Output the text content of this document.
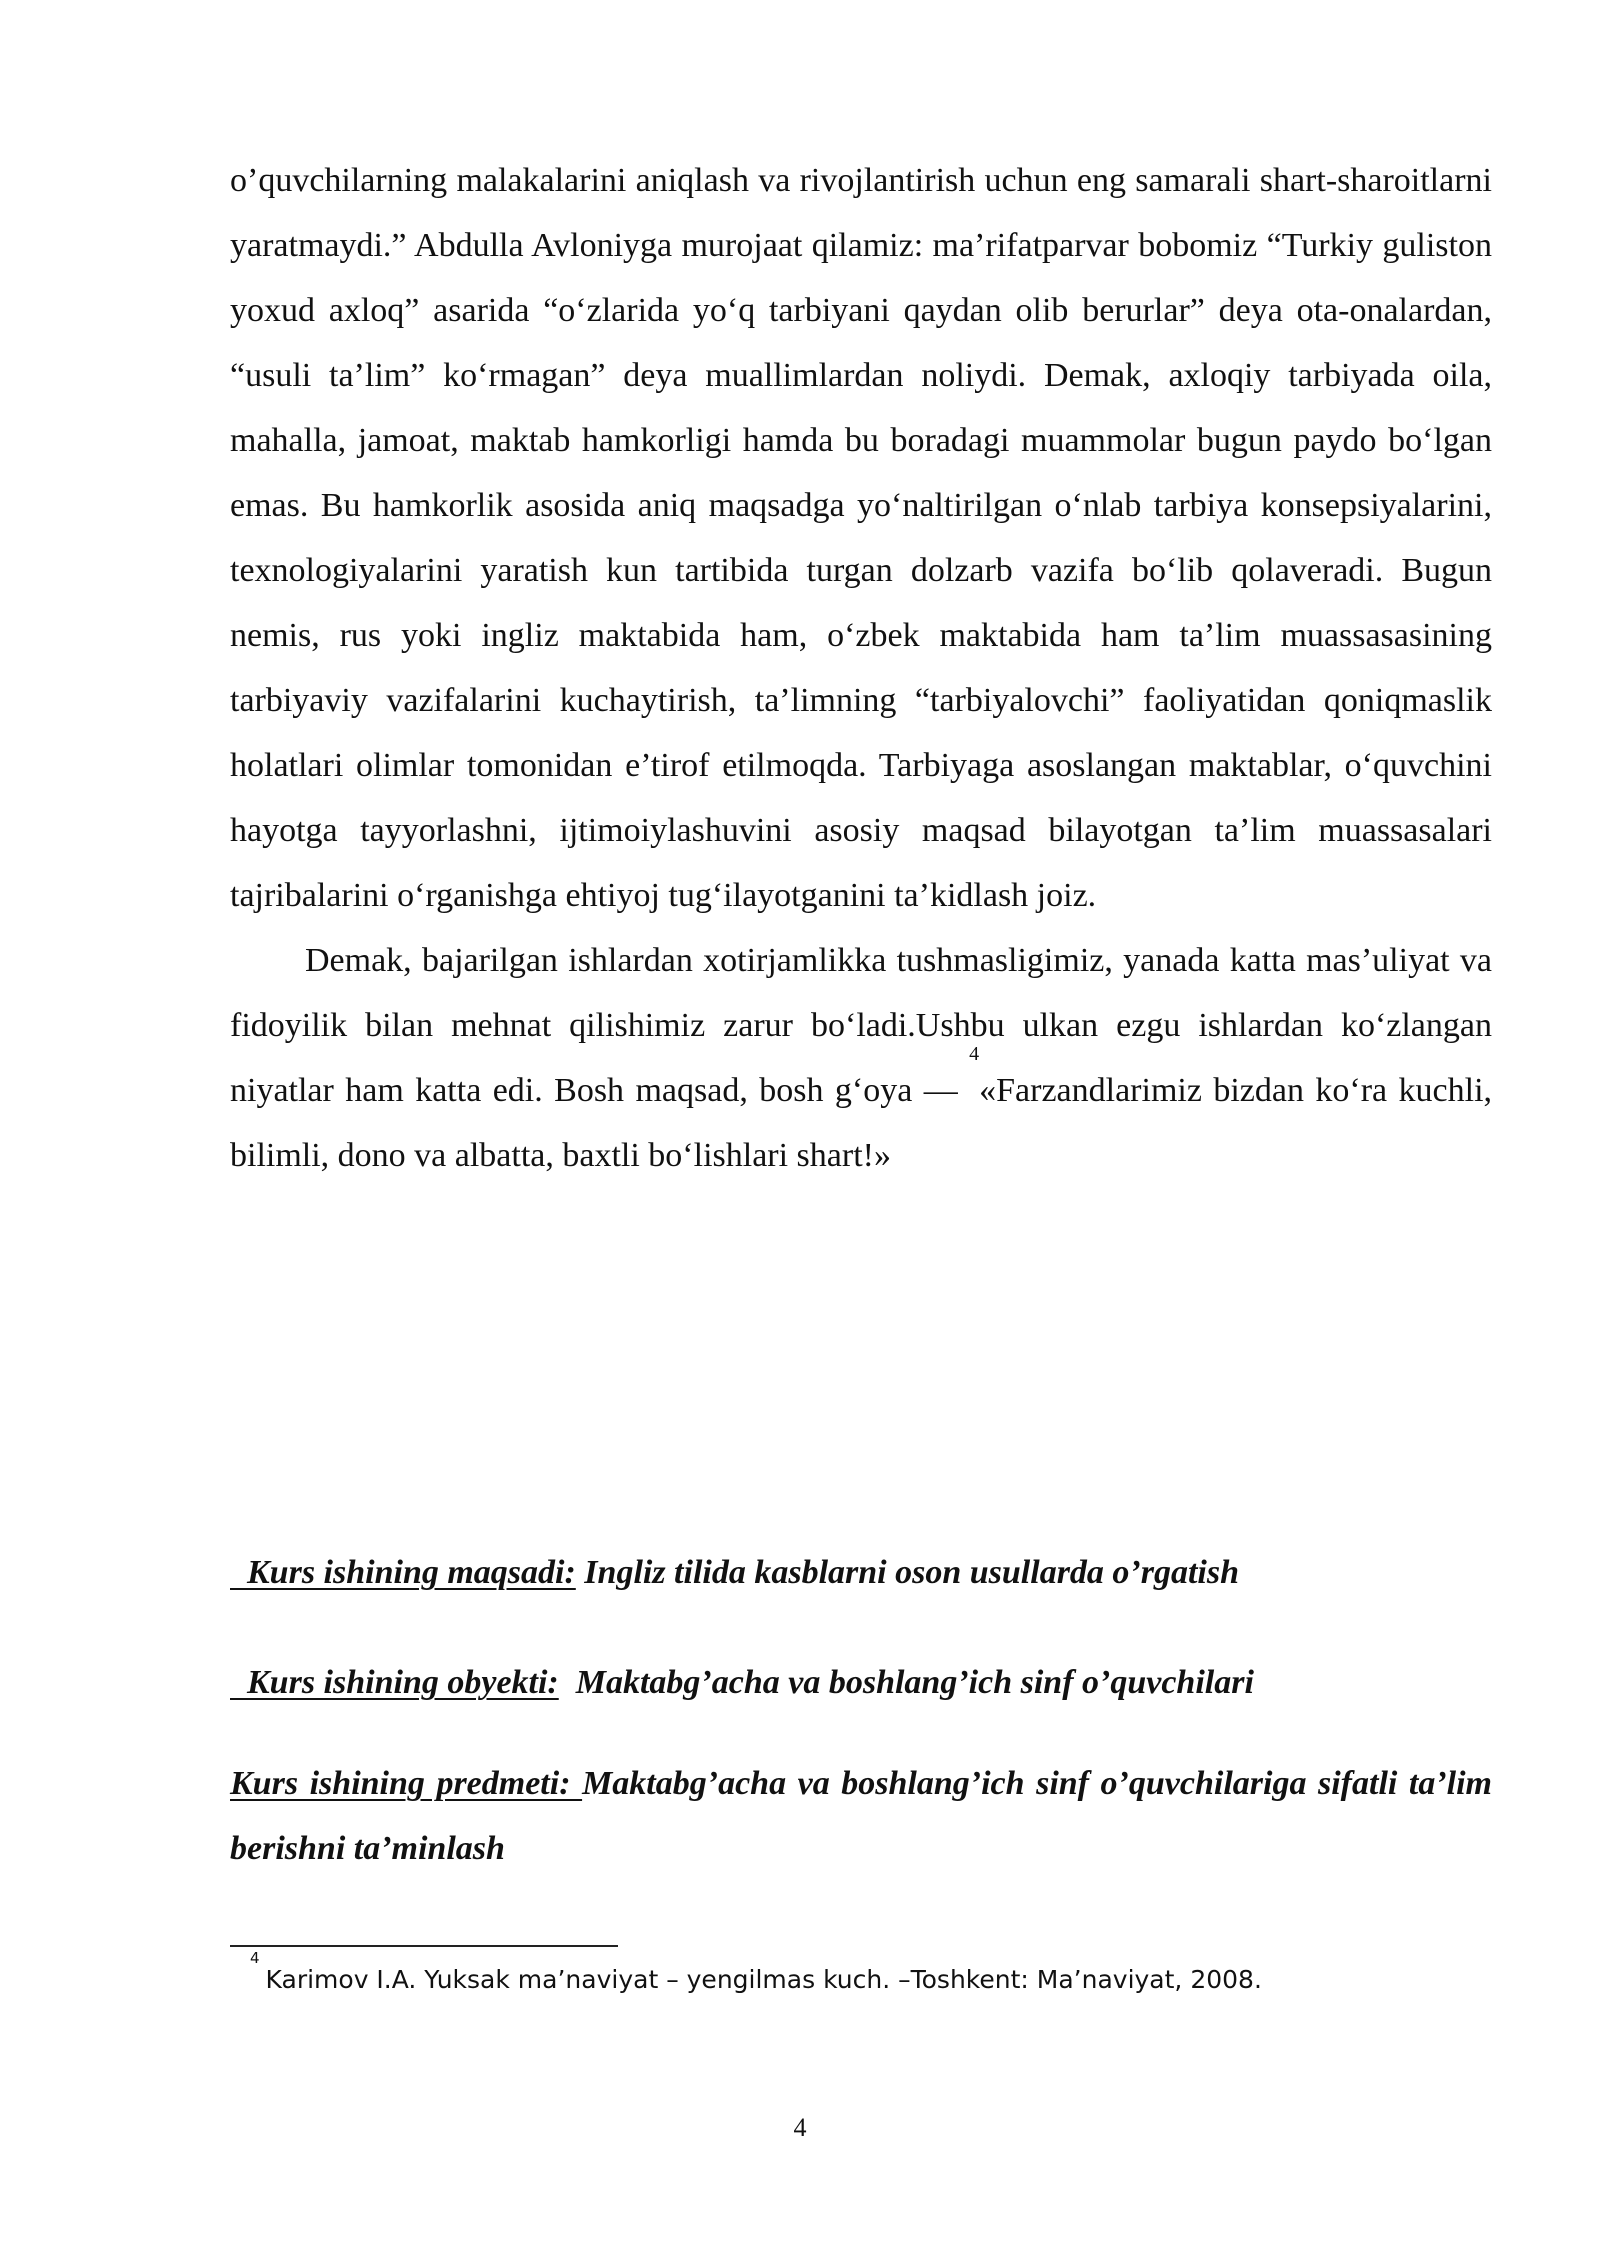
o’quvchilarning malakalarini aniqlash va rivojlantirish uchun eng samarali shart-sharoitlarni yaratmaydi.” Abdulla Avloniyga murojaat qilamiz: ma’rifatparvar bobomiz “Turkiy guliston yoxud axloq” asarida “o‘zlarida yo‘q tarbiyani qaydan olib berurlar” deya ota-onalardan, “usuli ta’lim” ko‘rmagan” deya muallimlardan noliydi. Demak, axloqiy tarbiyada oila, mahalla, jamoat, maktab hamkorligi hamda bu boradagi muammolar bugun paydo bo‘lgan emas. Bu hamkorlik asosida aniq maqsadga yo‘naltirilgan o‘nlab tarbiya konsepsiyalarini, texnologiyalarini yaratish kun tartibida turgan dolzarb vazifa bo‘lib qolaveradi. Bugun nemis, rus yoki ingliz maktabida ham, o‘zbek maktabida ham ta’lim muassasasining tarbiyaviy vazifalarini kuchaytirish, ta’limning “tarbiyalovchi” faoliyatidan qoniqmaslik holatlari olimlar tomonidan e’tirof etilmoqda. Tarbiyaga asoslangan maktablar, o‘quvchini hayotga tayyorlashni, ijtimoiylashuvini asosiy maqsad bilayotgan ta’lim muassasalari tajribalarini o‘rganishga ehtiyoj tug‘ilayotganini ta’kidlash joiz.

Demak, bajarilgan ishlardan xotirjamlikka tushmasligimiz, yanada katta mas’uliyat va fidoyilik bilan mehnat qilishimiz zarur bo‘ladi.Ushbu ulkan ezgu ishlardan ko‘zlangan niyatlar ham katta edi. Bosh maqsad, bosh g‘oya — $^4$«Farzandlarimiz bizdan ko‘ra kuchli, bilimli, dono va albatta, baxtli bo‘lishlari shart!»

Kurs ishining maqsadi: Ingliz tilida kasblarni oson usullarda o’rgatish
Kurs ishining obyekti:  Maktabg’acha va boshlang’ich sinf o’quvchilari
Kurs ishining predmeti: Maktabg’acha va boshlang’ich sinf o’quvchilariga sifatli ta’lim berishni ta’minlash
$^4$Karimov I.A. Yuksak ma’naviyat – yengilmas kuch. –Toshkent: Ma’naviyat, 2008.
4
